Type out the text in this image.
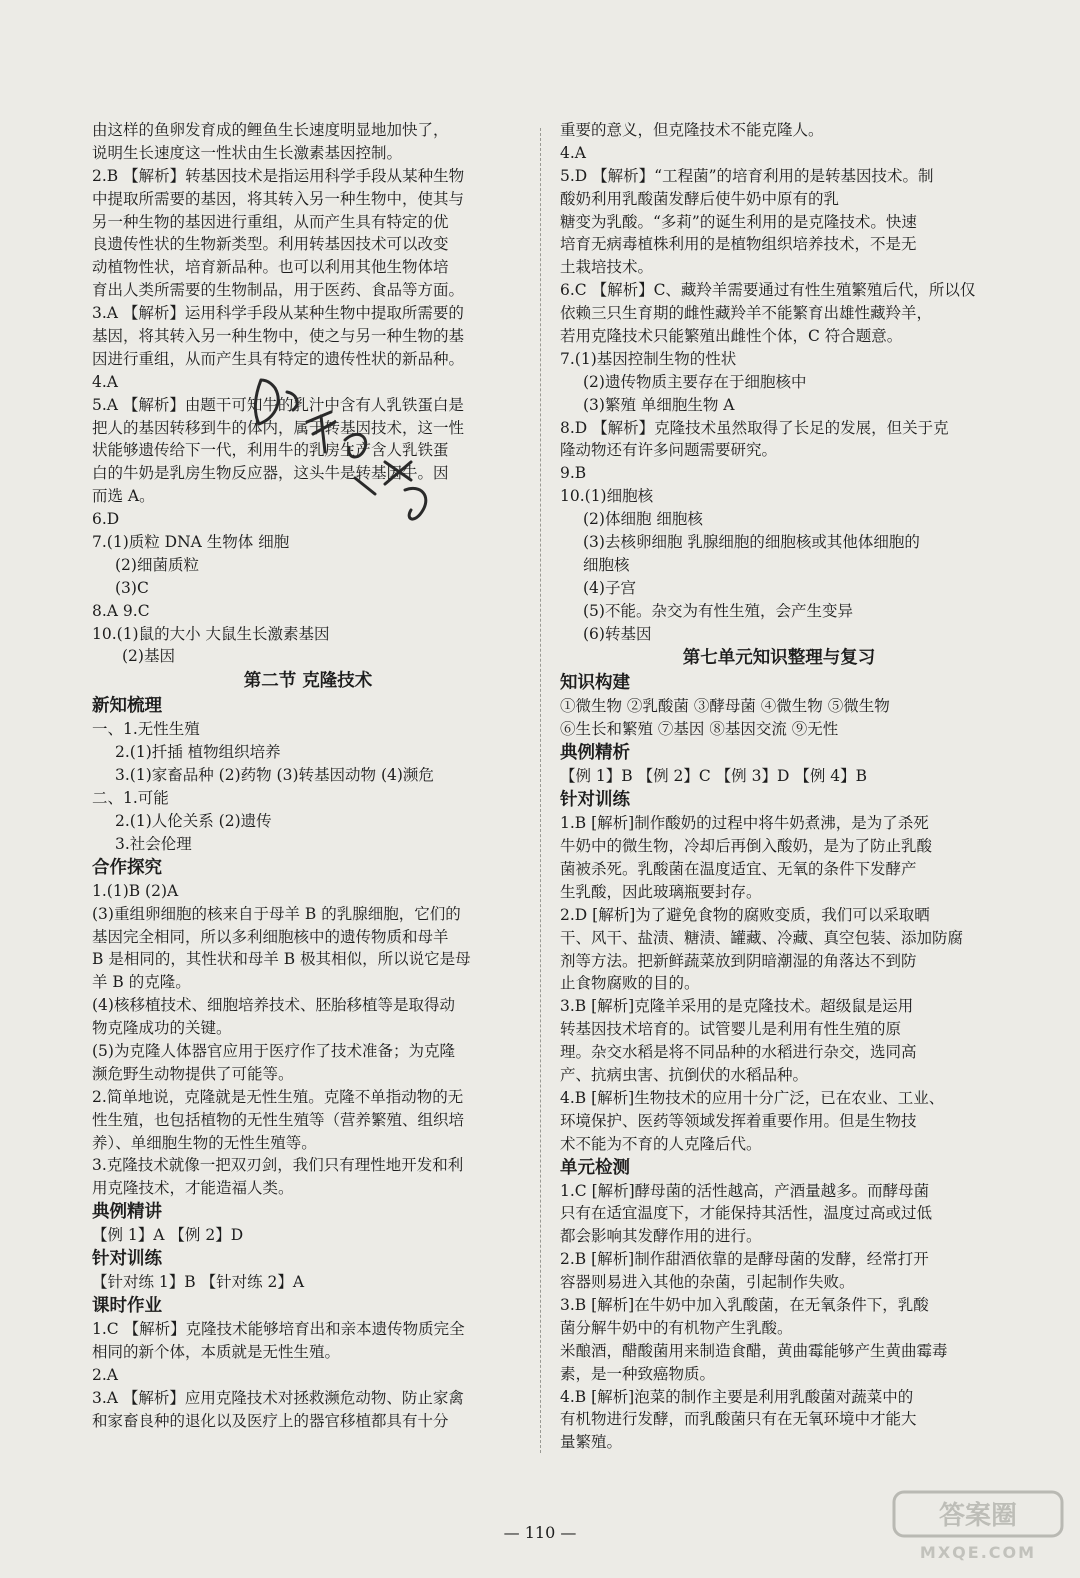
由这样的鱼卵发育成的鲤鱼生长速度明显地加快了，
说明生长速度这一性状由生长激素基因控制。
2.B 【解析】转基因技术是指运用科学手段从某种生物
中提取所需要的基因，将其转入另一种生物中，使其与
另一种生物的基因进行重组，从而产生具有特定的优
良遗传性状的生物新类型。利用转基因技术可以改变
动植物性状，培育新品种。也可以利用其他生物体培
育出人类所需要的生物制品，用于医药、食品等方面。
3.A 【解析】运用科学手段从某种生物中提取所需要的
基因，将其转入另一种生物中，使之与另一种生物的基
因进行重组，从而产生具有特定的遗传性状的新品种。
4.A
5.A 【解析】由题干可知牛的乳汁中含有人乳铁蛋白是
把人的基因转移到牛的体内，属于转基因技术，这一性
状能够遗传给下一代，利用牛的乳房生产含人乳铁蛋
白的牛奶是乳房生物反应器，这头牛是转基因牛。因
而选 A。
6.D
7.(1)质粒 DNA 生物体 细胞
(2)细菌质粒
(3)C
8.A 9.C
10.(1)鼠的大小 大鼠生长激素基因
(2)基因
第二节 克隆技术
新知梳理
一、1.无性生殖
2.(1)扦插 植物组织培养
3.(1)家畜品种 (2)药物 (3)转基因动物 (4)濒危
二、1.可能
2.(1)人伦关系 (2)遗传
3.社会伦理
合作探究
1.(1)B (2)A
(3)重组卵细胞的核来自于母羊 B 的乳腺细胞，它们的
基因完全相同，所以多利细胞核中的遗传物质和母羊
B 是相同的，其性状和母羊 B 极其相似，所以说它是母
羊 B 的克隆。
(4)核移植技术、细胞培养技术、胚胎移植等是取得动
物克隆成功的关键。
(5)为克隆人体器官应用于医疗作了技术准备；为克隆
濒危野生动物提供了可能等。
2.简单地说，克隆就是无性生殖。克隆不单指动物的无
性生殖，也包括植物的无性生殖等（营养繁殖、组织培
养）、单细胞生物的无性生殖等。
3.克隆技术就像一把双刃剑，我们只有理性地开发和利
用克隆技术，才能造福人类。
典例精讲
【例 1】A 【例 2】D
针对训练
【针对练 1】B 【针对练 2】A
课时作业
1.C 【解析】克隆技术能够培育出和亲本遗传物质完全
相同的新个体，本质就是无性生殖。
2.A
3.A 【解析】应用克隆技术对拯救濒危动物、防止家禽
和家畜良种的退化以及医疗上的器官移植都具有十分
重要的意义，但克隆技术不能克隆人。
4.A
5.D 【解析】“工程菌”的培育利用的是转基因技术。制
酸奶利用乳酸菌发酵后使牛奶中原有的乳
糖变为乳酸。“多莉”的诞生利用的是克隆技术。快速
培育无病毒植株利用的是植物组织培养技术，不是无
土栽培技术。
6.C 【解析】C、藏羚羊需要通过有性生殖繁殖后代，所以仅
依赖三只生育期的雌性藏羚羊不能繁育出雄性藏羚羊，
若用克隆技术只能繁殖出雌性个体，C 符合题意。
7.(1)基因控制生物的性状
(2)遗传物质主要存在于细胞核中
(3)繁殖 单细胞生物 A
8.D 【解析】克隆技术虽然取得了长足的发展，但关于克
隆动物还有许多问题需要研究。
9.B
10.(1)细胞核
(2)体细胞 细胞核
(3)去核卵细胞 乳腺细胞的细胞核或其他体细胞的
细胞核
(4)子宫
(5)不能。杂交为有性生殖，会产生变异
(6)转基因
第七单元知识整理与复习
知识构建
①微生物 ②乳酸菌 ③酵母菌 ④微生物 ⑤微生物
⑥生长和繁殖 ⑦基因 ⑧基因交流 ⑨无性
典例精析
【例 1】B 【例 2】C 【例 3】D 【例 4】B
针对训练
1.B [解析]制作酸奶的过程中将牛奶煮沸，是为了杀死
牛奶中的微生物，冷却后再倒入酸奶，是为了防止乳酸
菌被杀死。乳酸菌在温度适宜、无氧的条件下发酵产
生乳酸，因此玻璃瓶要封存。
2.D [解析]为了避免食物的腐败变质，我们可以采取晒
干、风干、盐渍、糖渍、罐藏、冷藏、真空包装、添加防腐
剂等方法。把新鲜蔬菜放到阴暗潮湿的角落达不到防
止食物腐败的目的。
3.B [解析]克隆羊采用的是克隆技术。超级鼠是运用
转基因技术培育的。试管婴儿是利用有性生殖的原
理。杂交水稻是将不同品种的水稻进行杂交，选同高
产、抗病虫害、抗倒伏的水稻品种。
4.B [解析]生物技术的应用十分广泛，已在农业、工业、
环境保护、医药等领域发挥着重要作用。但是生物技
术不能为不育的人克隆后代。
单元检测
1.C [解析]酵母菌的活性越高，产酒量越多。而酵母菌
只有在适宜温度下，才能保持其活性，温度过高或过低
都会影响其发酵作用的进行。
2.B [解析]制作甜酒依靠的是酵母菌的发酵，经常打开
容器则易进入其他的杂菌，引起制作失败。
3.B [解析]在牛奶中加入乳酸菌，在无氧条件下，乳酸
菌分解牛奶中的有机物产生乳酸。
米酿酒，醋酸菌用来制造食醋，黄曲霉能够产生黄曲霉毒
素，是一种致癌物质。
4.B [解析]泡菜的制作主要是利用乳酸菌对蔬菜中的
有机物进行发酵，而乳酸菌只有在无氧环境中才能大
量繁殖。
— 110 —
答案圈
MXQE.COM
